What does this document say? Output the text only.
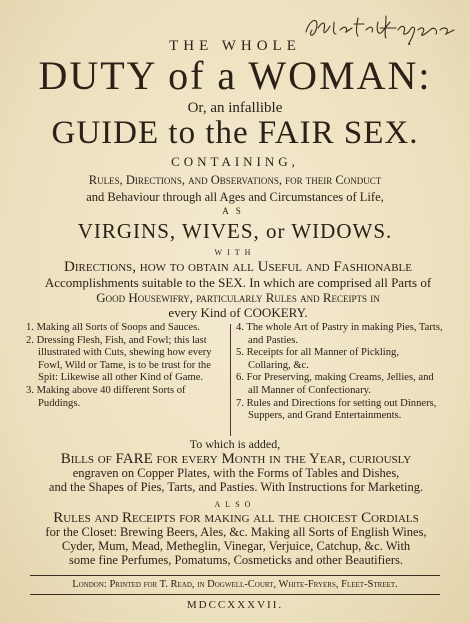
THE WHOLE
DUTY of a WOMAN:
Or, an infallible
GUIDE to the FAIR SEX.
CONTAINING,
Rules, Directions, and Observations, for their Conduct
and Behaviour through all Ages and Circumstances of Life,
AS
VIRGINS, WIVES, or WIDOWS.
WITH
Directions, how to obtain all Useful and Fashionable
Accomplishments suitable to the SEX. In which are comprised all Parts of
Good Housewifry, particularly Rules and Receipts in
every Kind of COOKERY.
1. Making all Sorts of Soops and Sauces.
2. Dressing Flesh, Fish, and Fowl; this last illustrated with Cuts, shewing how every Fowl, Wild or Tame, is to be trust for the Spit: Likewise all other Kind of Game.
3. Making above 40 different Sorts of Puddings.
4. The whole Art of Pastry in making Pies, Tarts, and Pasties.
5. Receipts for all Manner of Pickling, Collaring, &c.
6. For Preserving, making Creams, Jellies, and all Manner of Confectionary.
7. Rules and Directions for setting out Dinners, Suppers, and Grand Entertainments.
To which is added,
Bills of FARE for every Month in the Year, curiously
engraven on Copper Plates, with the Forms of Tables and Dishes,
and the Shapes of Pies, Tarts, and Pasties. With Instructions for Marketing.
ALSO
Rules and Receipts for making all the choicest Cordials
for the Closet: Brewing Beers, Ales, &c. Making all Sorts of English Wines,
Cyder, Mum, Mead, Metheglin, Vinegar, Verjuice, Catchup, &c. With
some fine Perfumes, Pomatums, Cosmeticks and other Beautifiers.
London: Printed for T. Read, in Dogwell-Court, White-Fryers, Fleet-Street.
MDCCXXXVII.
